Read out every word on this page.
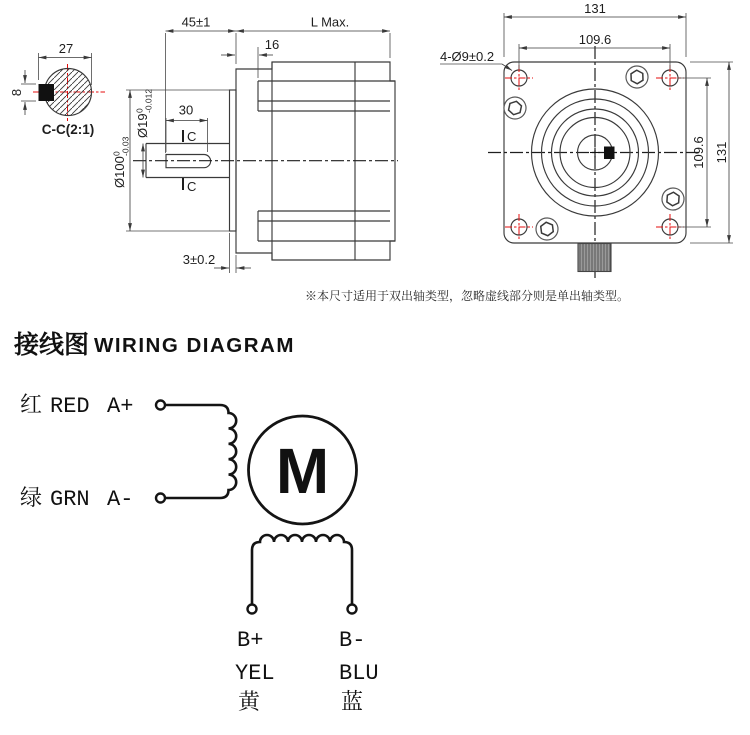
27
8
C-C(2:1)
45±1	L Max.
16
30
Ø19
0 -0.012
Ø100
0 -0.03
3±0.2
C
C
131
109.6
4-Ø9±0.2
109.6 131
※本尺寸适用于双出轴类型，忽略虚线部分则是单出轴类型。
接线图 WIRING DIAGRAM
红 RED A+
绿 GRN A- M
B+
YEL
黄
B-
BLU
蓝
